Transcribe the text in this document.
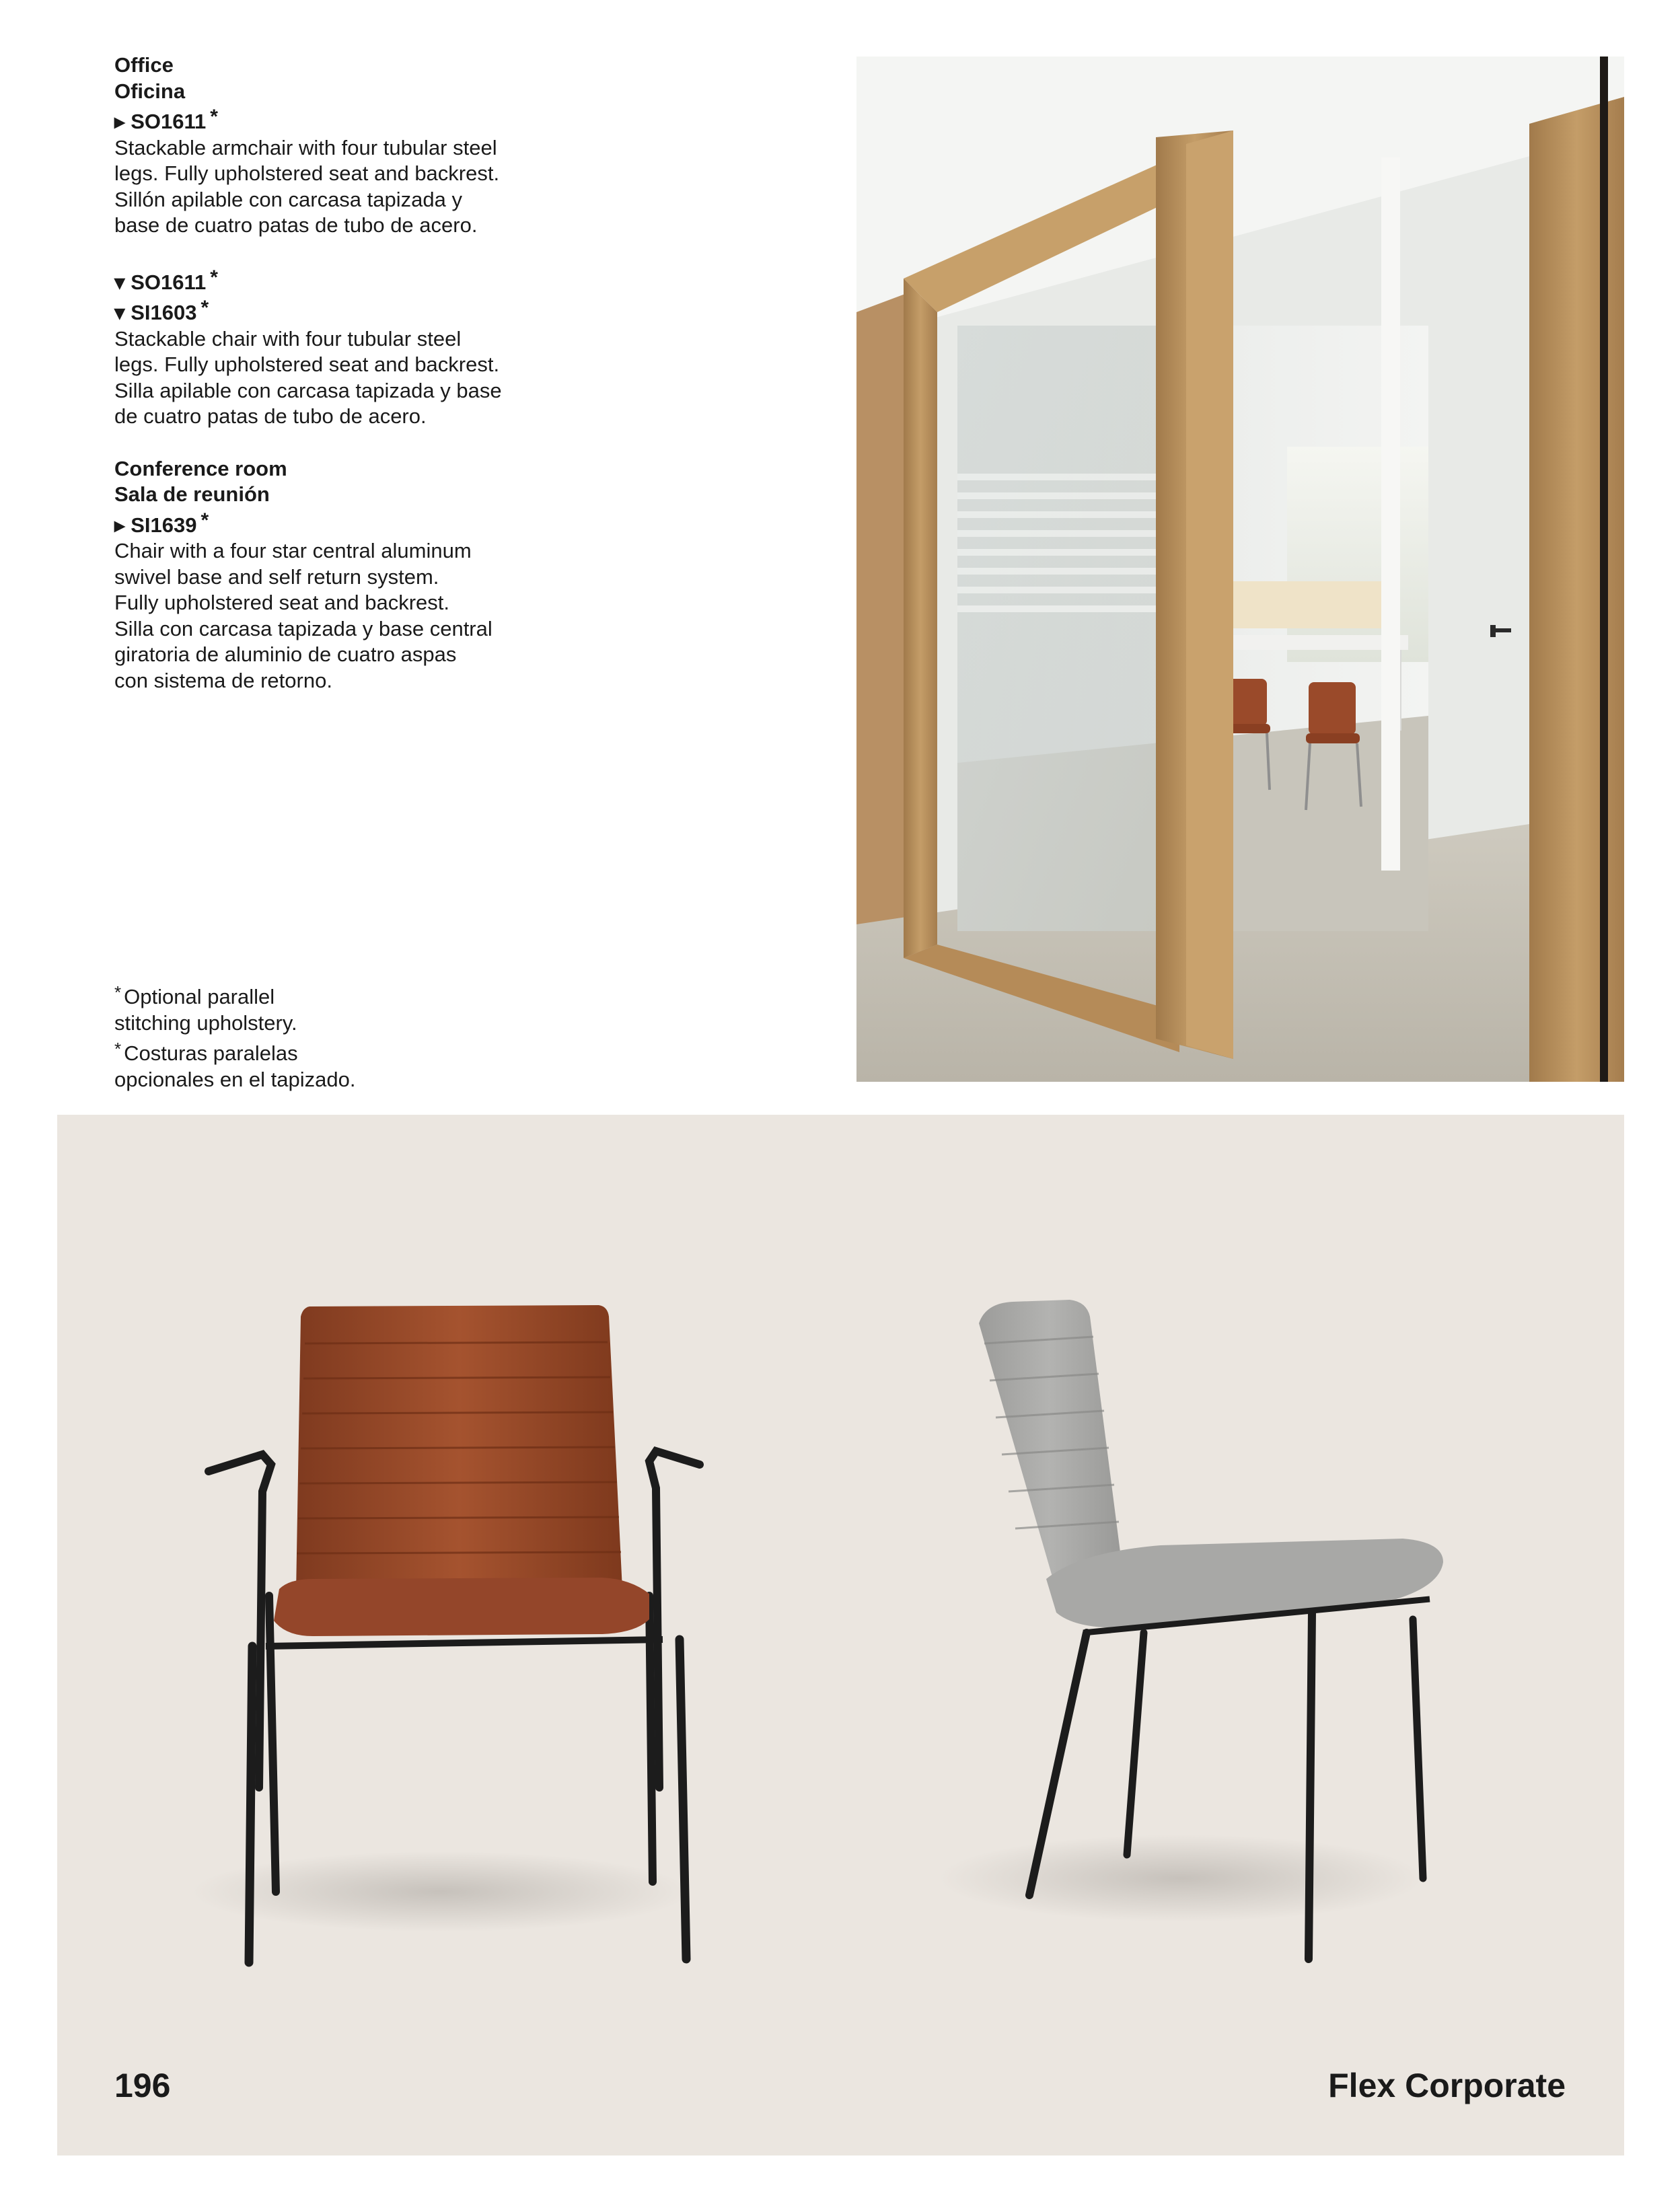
Office
Oficina
▸ SO1611 *
Stackable armchair with four tubular steel
legs. Fully upholstered seat and backrest.
Sillón apilable con carcasa tapizada y
base de cuatro patas de tubo de acero.
▾ SO1611 *
▾ SI1603 *
Stackable chair with four tubular steel
legs. Fully upholstered seat and backrest.
Silla apilable con carcasa tapizada y base
de cuatro patas de tubo de acero.
Conference room
Sala de reunión
▸ SI1639 *
Chair with a four star central aluminum
swivel base and self return system.
Fully upholstered seat and backrest.
Silla con carcasa tapizada y base central
giratoria de aluminio de cuatro aspas
con sistema de retorno.
* Optional parallel
stitching upholstery.
* Costuras paralelas
opcionales en el tapizado.
196	Flex Corporate
